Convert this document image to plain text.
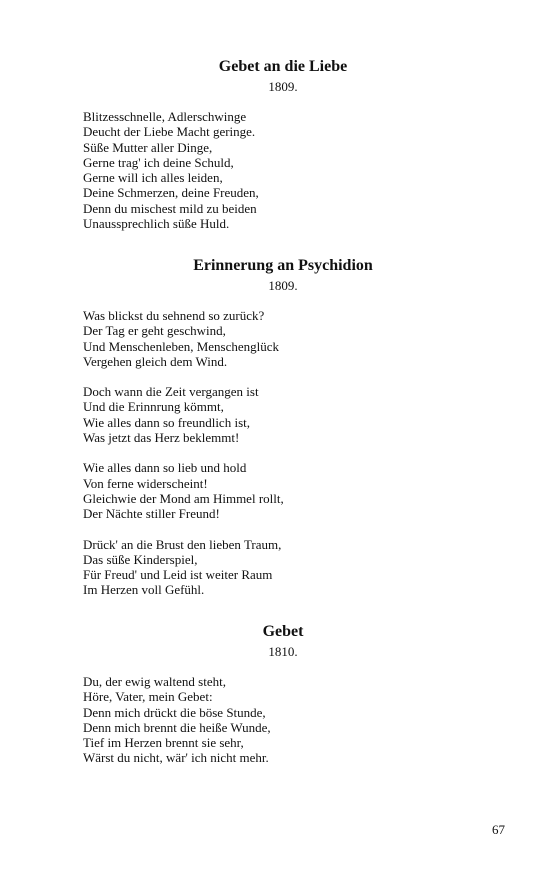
Gebet an die Liebe
1809.
Blitzesschnelle, Adlerschwinge
Deucht der Liebe Macht geringe.
Süße Mutter aller Dinge,
Gerne trag' ich deine Schuld,
Gerne will ich alles leiden,
Deine Schmerzen, deine Freuden,
Denn du mischest mild zu beiden
Unaussprechlich süße Huld.
Erinnerung an Psychidion
1809.
Was blickst du sehnend so zurück?
Der Tag er geht geschwind,
Und Menschenleben, Menschenglück
Vergehen gleich dem Wind.
Doch wann die Zeit vergangen ist
Und die Erinnrung kömmt,
Wie alles dann so freundlich ist,
Was jetzt das Herz beklemmt!
Wie alles dann so lieb und hold
Von ferne widerscheint!
Gleichwie der Mond am Himmel rollt,
Der Nächte stiller Freund!
Drück' an die Brust den lieben Traum,
Das süße Kinderspiel,
Für Freud' und Leid ist weiter Raum
Im Herzen voll Gefühl.
Gebet
1810.
Du, der ewig waltend steht,
Höre, Vater, mein Gebet:
Denn mich drückt die böse Stunde,
Denn mich brennt die heiße Wunde,
Tief im Herzen brennt sie sehr,
Wärst du nicht, wär' ich nicht mehr.
67
